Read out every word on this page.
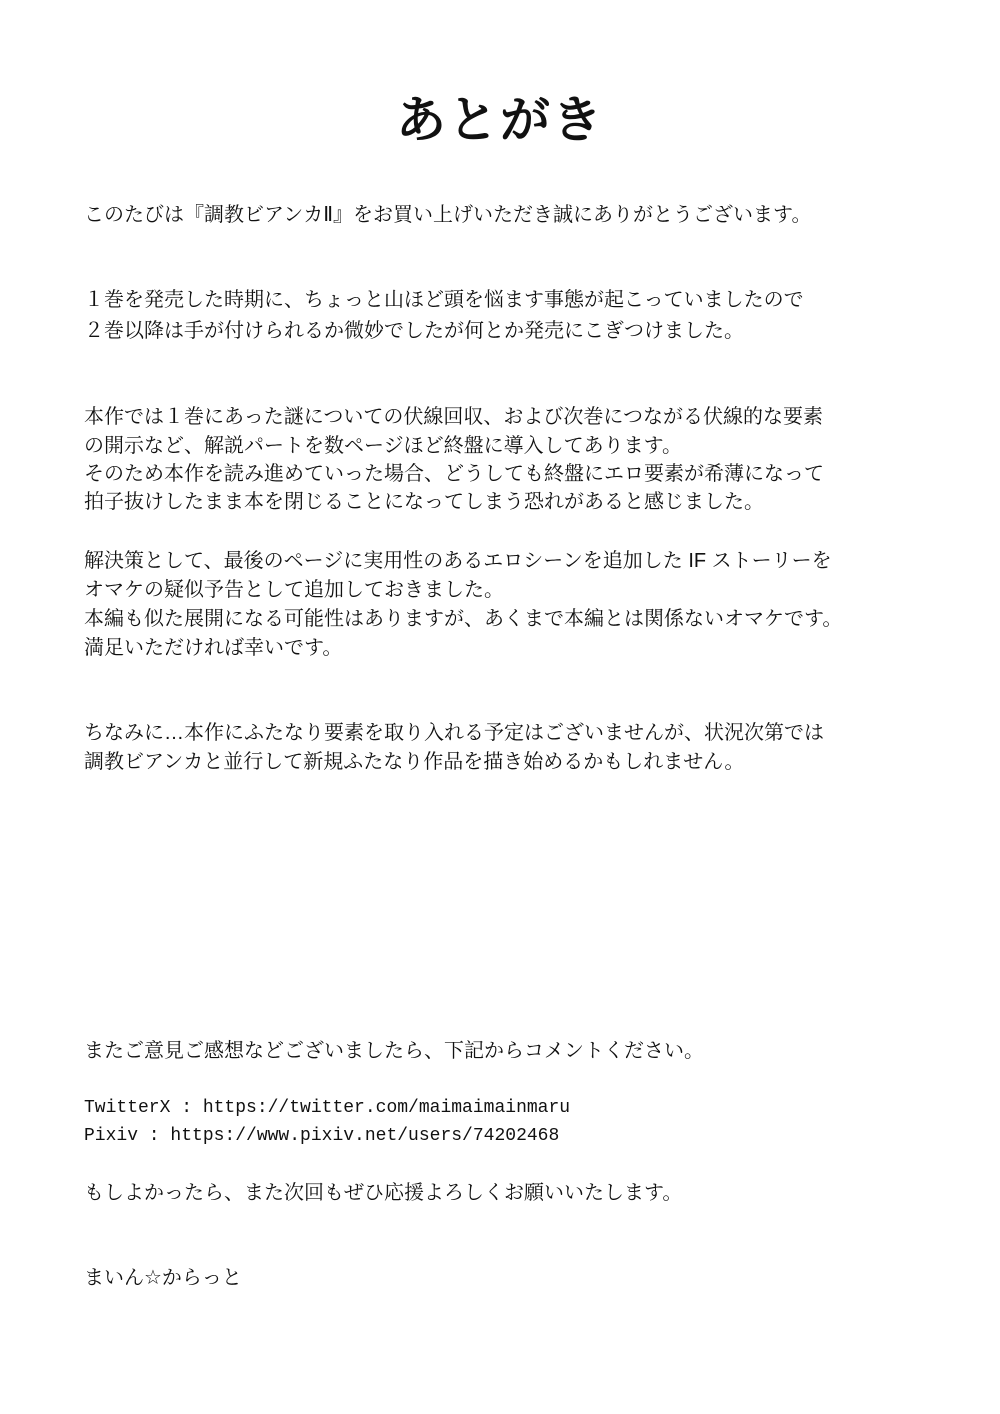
あとがき
このたびは『調教ビアンカⅡ』をお買い上げいただき誠にありがとうございます。
１巻を発売した時期に、ちょっと山ほど頭を悩ます事態が起こっていましたので
２巻以降は手が付けられるか微妙でしたが何とか発売にこぎつけました。
本作では１巻にあった謎についての伏線回収、および次巻につながる伏線的な要素
の開示など、解説パートを数ページほど終盤に導入してあります。
そのため本作を読み進めていった場合、どうしても終盤にエロ要素が希薄になって
拍子抜けしたまま本を閉じることになってしまう恐れがあると感じました。
解決策として、最後のページに実用性のあるエロシーンを追加した IF ストーリーを
オマケの疑似予告として追加しておきました。
本編も似た展開になる可能性はありますが、あくまで本編とは関係ないオマケです。
満足いただければ幸いです。
ちなみに…本作にふたなり要素を取り入れる予定はございませんが、状況次第では
調教ビアンカと並行して新規ふたなり作品を描き始めるかもしれません。
またご意見ご感想などございましたら、下記からコメントください。
TwitterX : https://twitter.com/maimaimainmaru
Pixiv : https://www.pixiv.net/users/74202468
もしよかったら、また次回もぜひ応援よろしくお願いいたします。
まいん☆からっと
